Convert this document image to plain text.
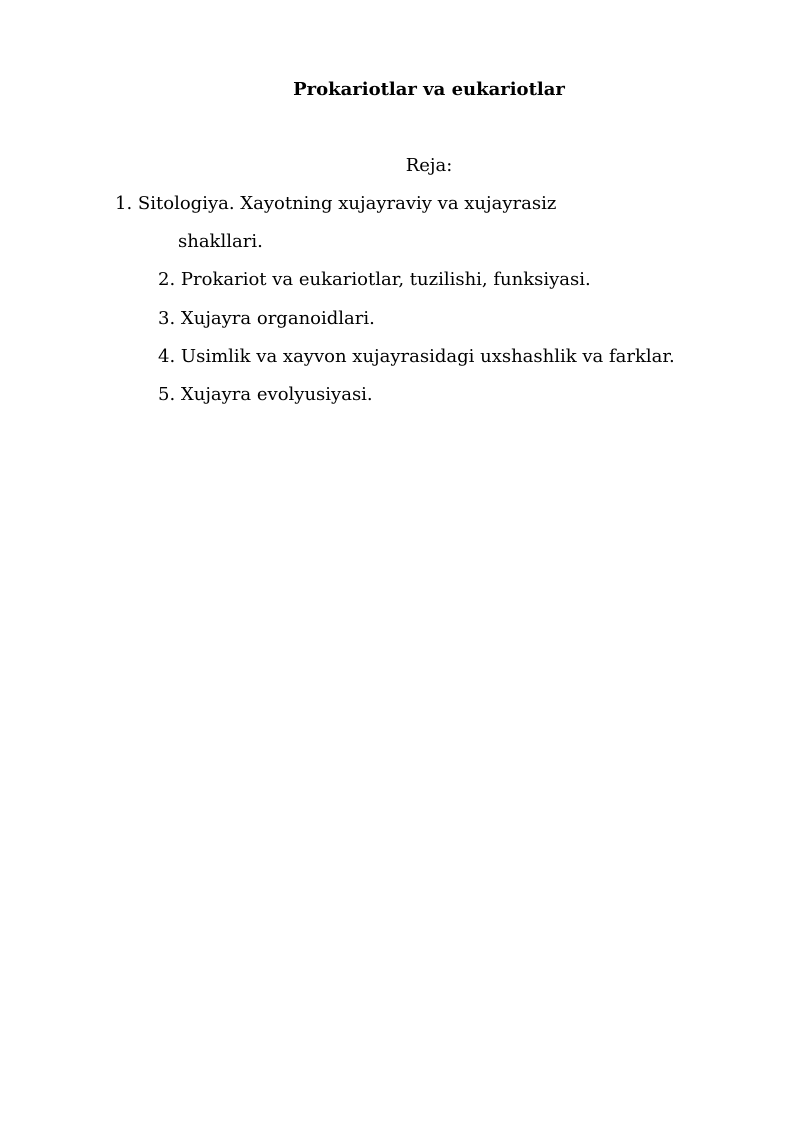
Prokariotlar va eukariotlar
Reja:
1. Sitologiya. Xayotning xujayraviy va xujayrasiz
shakllari.
2. Prokariot va eukariotlar, tuzilishi, funksiyasi.
3. Xujayra organoidlari.
4. Usimlik va xayvon xujayrasidagi uxshashlik va farklar.
5. Xujayra evolyusiyasi.
